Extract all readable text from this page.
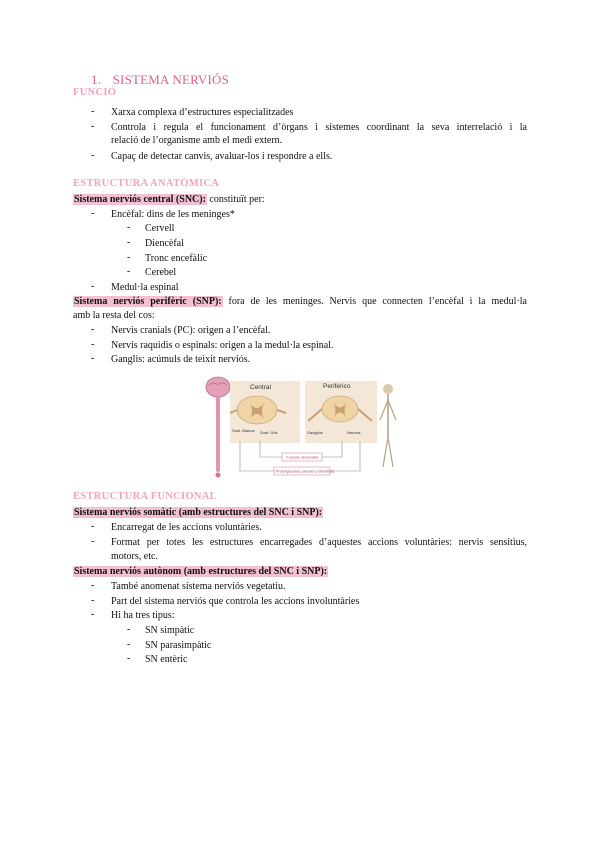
1. SISTEMA NERVIÓS
FUNCIÓ
- Xarxa complexa d’estructures especialitzades
- Controla i regula el funcionament d’òrgans i sistemes coordinant la seva interrelació i la
relació de l’organisme amb el medi extern.
- Capaç de detectar canvis, avaluar-los i respondre a ells.
ESTRUCTURA ANATÒMICA
Sistema nerviós central (SNC): constituït per:
- Encèfal: dins de les meninges*
- Cervell
- Diencèfal
- Tronc encefàlic
- Cerebel
- Medul·la espinal
Sistema nerviós perifèric (SNP): fora de les meninges. Nervis que connecten l’encèfal i la medul·la
amb la resta del cos:
- Nervis cranials (PC): origen a l’encèfal.
- Nervis raquidis o espinals: origen a la medul·la espinal.
- Ganglis: acúmuls de teixit nerviós.
Central
Sust. Blanca Sust. Gris
Periférico
Ganglios	Nervios
Cuerpos neuronales
Prolongaciones (axones y dendritas)
ESTRUCTURA FUNCIONAL
Sistema nerviós somàtic (amb estructures del SNC i SNP):
- Encarregat de les accions voluntàries.
- Format per totes les estructures encarregades d’aquestes accions voluntàries: nervis sensitius,
motors, etc.
Sistema nerviós autònom (amb estructures del SNC i SNP):
- També anomenat sistema nerviós vegetatiu.
- Part del sistema nerviós que controla les accions involuntàries
- Hi ha tres tipus:
- SN simpàtic
- SN parasimpàtic
- SN entèric
